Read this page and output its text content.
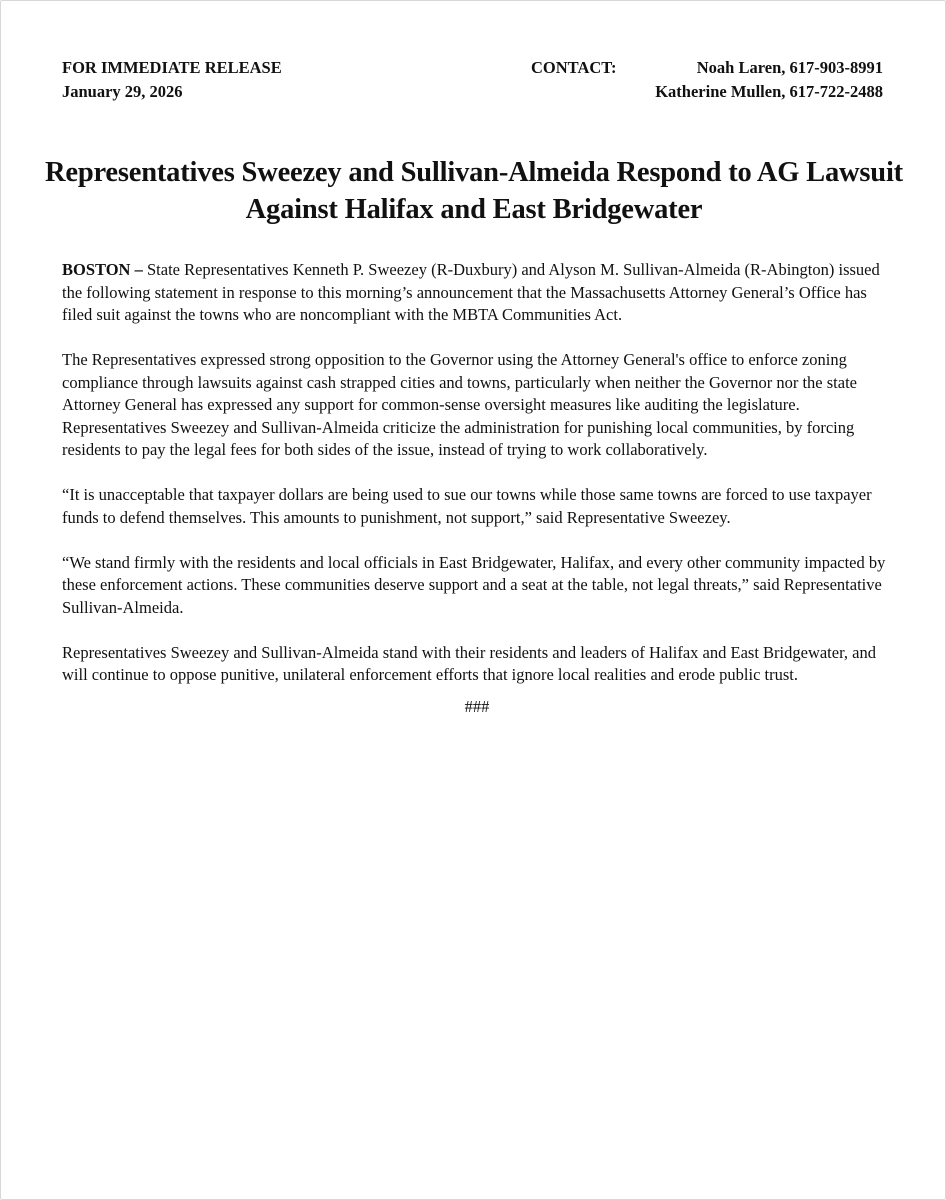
FOR IMMEDIATE RELEASE
January 29, 2026
CONTACT:	Noah Laren, 617-903-8991
Katherine Mullen, 617-722-2488
Representatives Sweezey and Sullivan-Almeida Respond to AG Lawsuit Against Halifax and East Bridgewater

BOSTON – State Representatives Kenneth P. Sweezey (R-Duxbury) and Alyson M. Sullivan-Almeida (R-Abington) issued the following statement in response to this morning’s announcement that the Massachusetts Attorney General’s Office has filed suit against the towns who are noncompliant with the MBTA Communities Act.

The Representatives expressed strong opposition to the Governor using the Attorney General's office to enforce zoning compliance through lawsuits against cash strapped cities and towns, particularly when neither the Governor nor the state Attorney General has expressed any support for common-sense oversight measures like auditing the legislature. Representatives Sweezey and Sullivan-Almeida criticize the administration for punishing local communities, by forcing residents to pay the legal fees for both sides of the issue, instead of trying to work collaboratively.

“It is unacceptable that taxpayer dollars are being used to sue our towns while those same towns are forced to use taxpayer funds to defend themselves. This amounts to punishment, not support,” said Representative Sweezey.

“We stand firmly with the residents and local officials in East Bridgewater, Halifax, and every other community impacted by these enforcement actions. These communities deserve support and a seat at the table, not legal threats,” said Representative Sullivan-Almeida.

Representatives Sweezey and Sullivan-Almeida stand with their residents and leaders of Halifax and East Bridgewater, and will continue to oppose punitive, unilateral enforcement efforts that ignore local realities and erode public trust.

###
